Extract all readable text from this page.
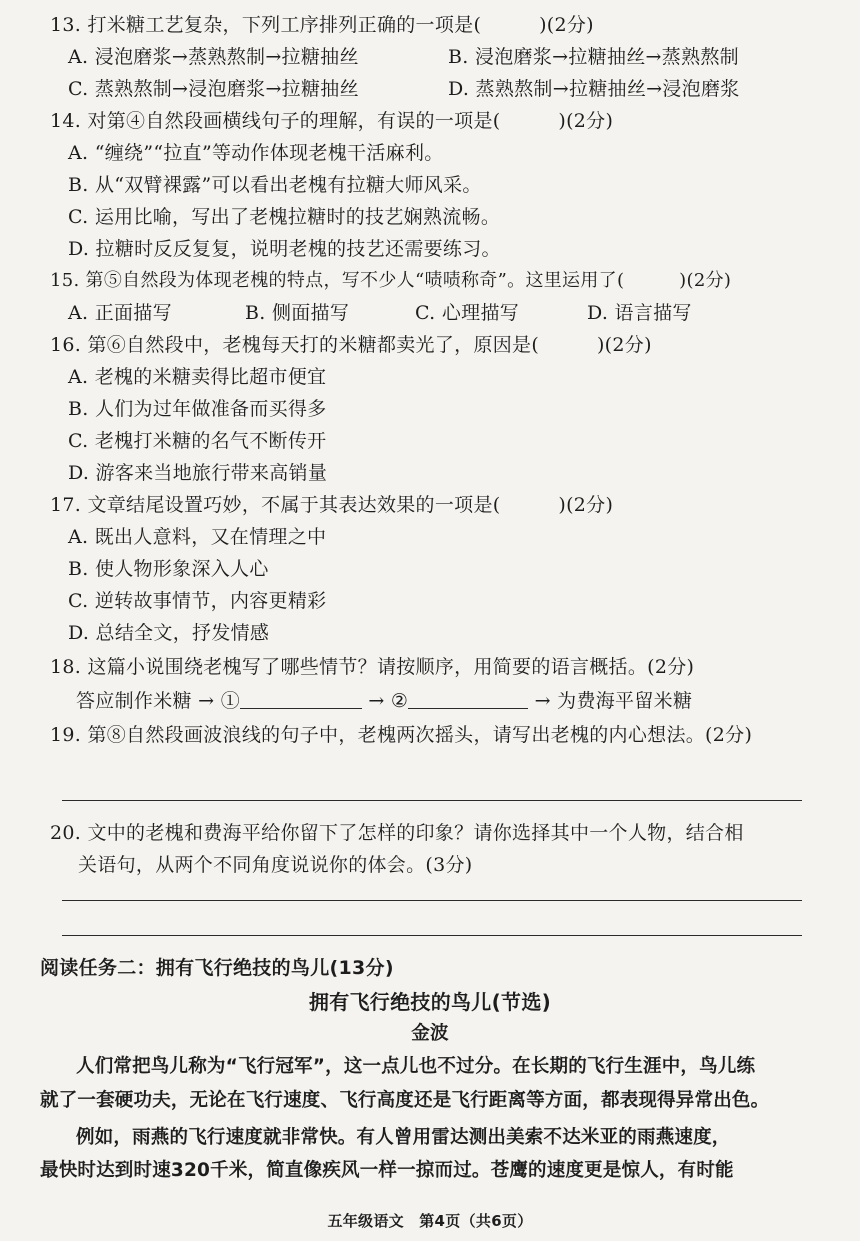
13. 打米糖工艺复杂，下列工序排列正确的一项是(　　　)(2分)
A. 浸泡磨浆→蒸熟熬制→拉糖抽丝	B. 浸泡磨浆→拉糖抽丝→蒸熟熬制
C. 蒸熟熬制→浸泡磨浆→拉糖抽丝	D. 蒸熟熬制→拉糖抽丝→浸泡磨浆
14. 对第④自然段画横线句子的理解，有误的一项是(　　　)(2分)
A. “缠绕”“拉直”等动作体现老槐干活麻利。
B. 从“双臂裸露”可以看出老槐有拉糖大师风采。
C. 运用比喻，写出了老槐拉糖时的技艺娴熟流畅。
D. 拉糖时反反复复，说明老槐的技艺还需要练习。
15. 第⑤自然段为体现老槐的特点，写不少人“啧啧称奇”。这里运用了(　　　)(2分)
A. 正面描写	B. 侧面描写	C. 心理描写	D. 语言描写
16. 第⑥自然段中，老槐每天打的米糖都卖光了，原因是(　　　)(2分)
A. 老槐的米糖卖得比超市便宜
B. 人们为过年做准备而买得多
C. 老槐打米糖的名气不断传开
D. 游客来当地旅行带来高销量
17. 文章结尾设置巧妙，不属于其表达效果的一项是(　　　)(2分)
A. 既出人意料，又在情理之中
B. 使人物形象深入人心
C. 逆转故事情节，内容更精彩
D. 总结全文，抒发情感
18. 这篇小说围绕老槐写了哪些情节？请按顺序，用简要的语言概括。(2分)
答应制作米糖 → ①	→ ②	→ 为费海平留米糖
19. 第⑧自然段画波浪线的句子中，老槐两次摇头，请写出老槐的内心想法。(2分)
20. 文中的老槐和费海平给你留下了怎样的印象？请你选择其中一个人物，结合相
关语句，从两个不同角度说说你的体会。(3分)
阅读任务二：拥有飞行绝技的鸟儿(13分)
拥有飞行绝技的鸟儿(节选)
金波
人们常把鸟儿称为“飞行冠军”，这一点儿也不过分。在长期的飞行生涯中，鸟儿练
就了一套硬功夫，无论在飞行速度、飞行高度还是飞行距离等方面，都表现得异常出色。
例如，雨燕的飞行速度就非常快。有人曾用雷达测出美索不达米亚的雨燕速度，
最快时达到时速320千米，简直像疾风一样一掠而过。苍鹰的速度更是惊人，有时能
五年级语文　第4页（共6页）
